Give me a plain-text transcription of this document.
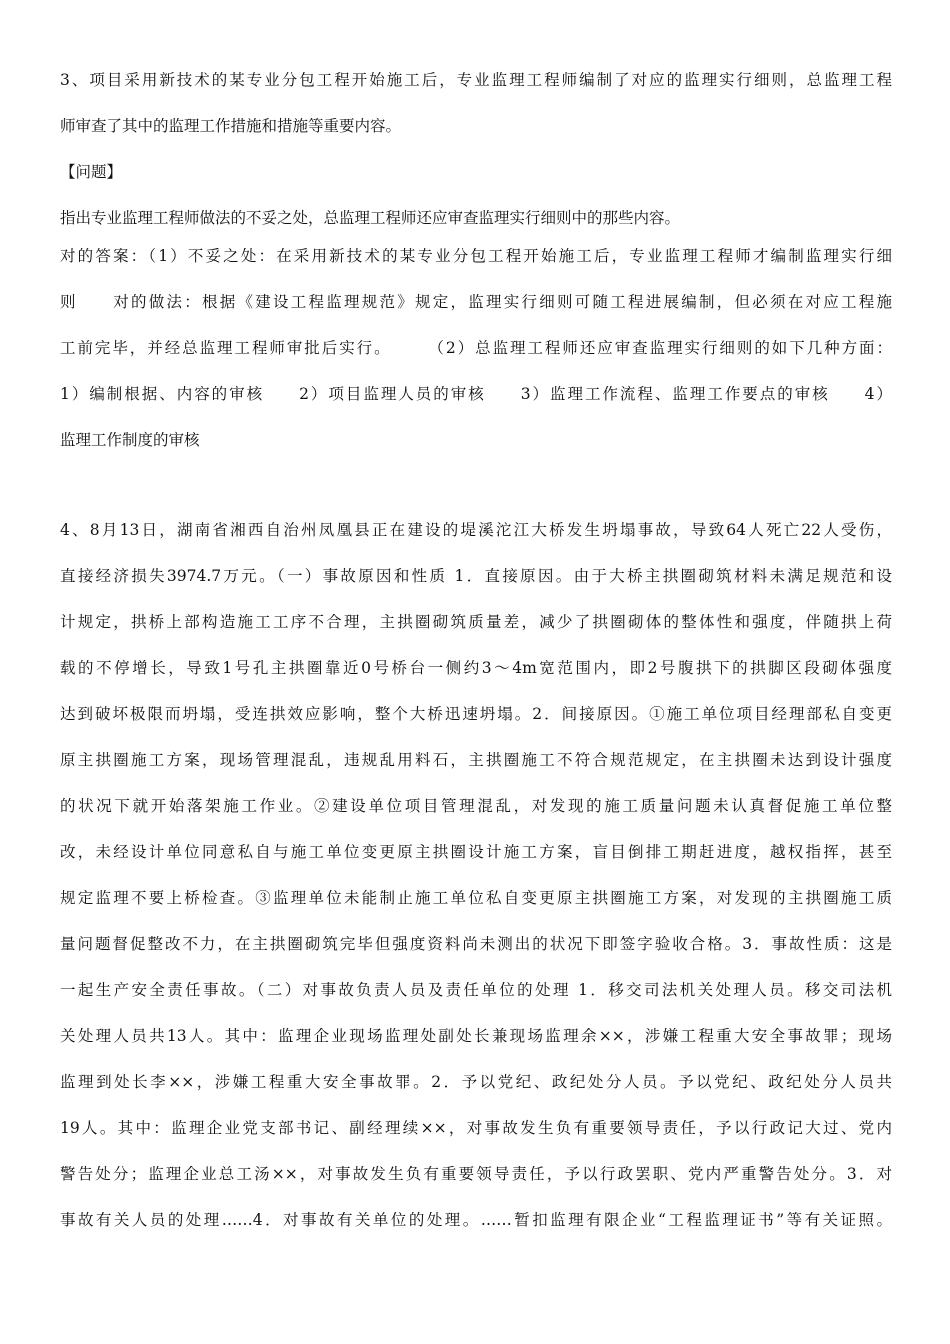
3、项目采用新技术的某专业分包工程开始施工后，专业监理工程师编制了对应的监理实行细则，总监理工程
师审查了其中的监理工作措施和措施等重要内容。
【问题】
指出专业监理工程师做法的不妥之处，总监理工程师还应审查监理实行细则中的那些内容。
对的答案：（1）不妥之处：在采用新技术的某专业分包工程开始施工后，专业监理工程师才编制监理实行细
则　　对的做法：根据《建设工程监理规范》规定，监理实行细则可随工程进展编制，但必须在对应工程施
工前完毕，并经总监理工程师审批后实行。　　　（2）总监理工程师还应审查监理实行细则的如下几种方面：
1）编制根据、内容的审核　　2）项目监理人员的审核　　3）监理工作流程、监理工作要点的审核　　4）
监理工作制度的审核
4、8月13日，湖南省湘西自治州凤凰县正在建设的堤溪沱江大桥发生坍塌事故，导致64人死亡22人受伤，
直接经济损失3974.7万元。（一）事故原因和性质 1．直接原因。由于大桥主拱圈砌筑材料未满足规范和设
计规定，拱桥上部构造施工工序不合理，主拱圈砌筑质量差，减少了拱圈砌体的整体性和强度，伴随拱上荷
载的不停增长，导致1号孔主拱圈靠近0号桥台一侧约3～4m宽范围内，即2号腹拱下的拱脚区段砌体强度
达到破坏极限而坍塌，受连拱效应影响，整个大桥迅速坍塌。2．间接原因。①施工单位项目经理部私自变更
原主拱圈施工方案，现场管理混乱，违规乱用料石，主拱圈施工不符合规范规定，在主拱圈未达到设计强度
的状况下就开始落架施工作业。②建设单位项目管理混乱，对发现的施工质量问题未认真督促施工单位整
改，未经设计单位同意私自与施工单位变更原主拱圈设计施工方案，盲目倒排工期赶进度，越权指挥，甚至
规定监理不要上桥检查。③监理单位未能制止施工单位私自变更原主拱圈施工方案，对发现的主拱圈施工质
量问题督促整改不力，在主拱圈砌筑完毕但强度资料尚未测出的状况下即签字验收合格。3．事故性质：这是
一起生产安全责任事故。（二）对事故负责人员及责任单位的处理 1．移交司法机关处理人员。移交司法机
关处理人员共13人。其中：监理企业现场监理处副处长兼现场监理余××，涉嫌工程重大安全事故罪；现场
监理到处长李××，涉嫌工程重大安全事故罪。2．予以党纪、政纪处分人员。予以党纪、政纪处分人员共
19人。其中：监理企业党支部书记、副经理续××，对事故发生负有重要领导责任，予以行政记大过、党内
警告处分；监理企业总工汤××，对事故发生负有重要领导责任，予以行政罢职、党内严重警告处分。3．对
事故有关人员的处理……4．对事故有关单位的处理。……暂扣监理有限企业“工程监理证书”等有关证照。
